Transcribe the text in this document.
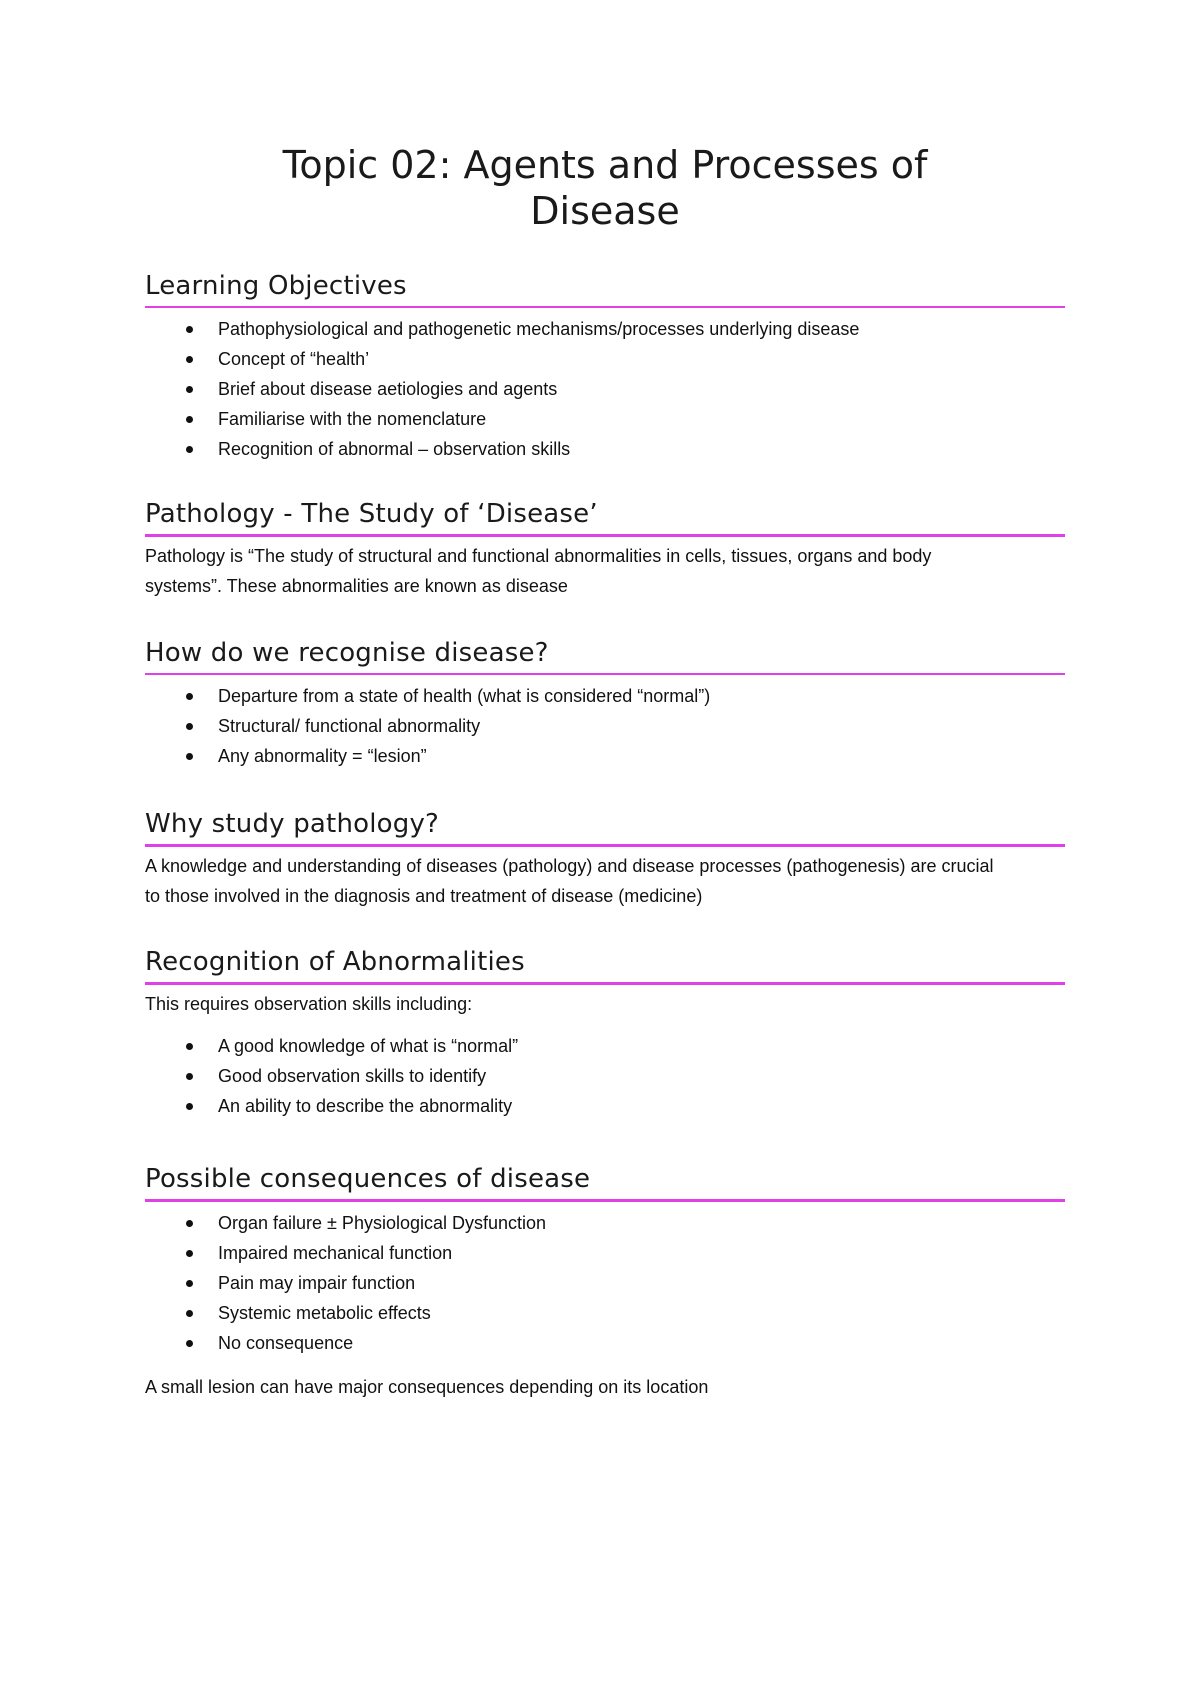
Topic 02: Agents and Processes of
Disease
Learning Objectives
Pathophysiological and pathogenetic mechanisms/processes underlying disease
Concept of “health’
Brief about disease aetiologies and agents
Familiarise with the nomenclature
Recognition of abnormal – observation skills
Pathology - The Study of ‘Disease’

Pathology is “The study of structural and functional abnormalities in cells, tissues, organs and body
systems”. These abnormalities are known as disease

How do we recognise disease?
Departure from a state of health (what is considered “normal”)
Structural/ functional abnormality
Any abnormality = “lesion”
Why study pathology?

A knowledge and understanding of diseases (pathology) and disease processes (pathogenesis) are crucial
to those involved in the diagnosis and treatment of disease (medicine)

Recognition of Abnormalities

This requires observation skills including:

A good knowledge of what is “normal”
Good observation skills to identify
An ability to describe the abnormality
Possible consequences of disease
Organ failure ± Physiological Dysfunction
Impaired mechanical function
Pain may impair function
Systemic metabolic effects
No consequence

A small lesion can have major consequences depending on its location
